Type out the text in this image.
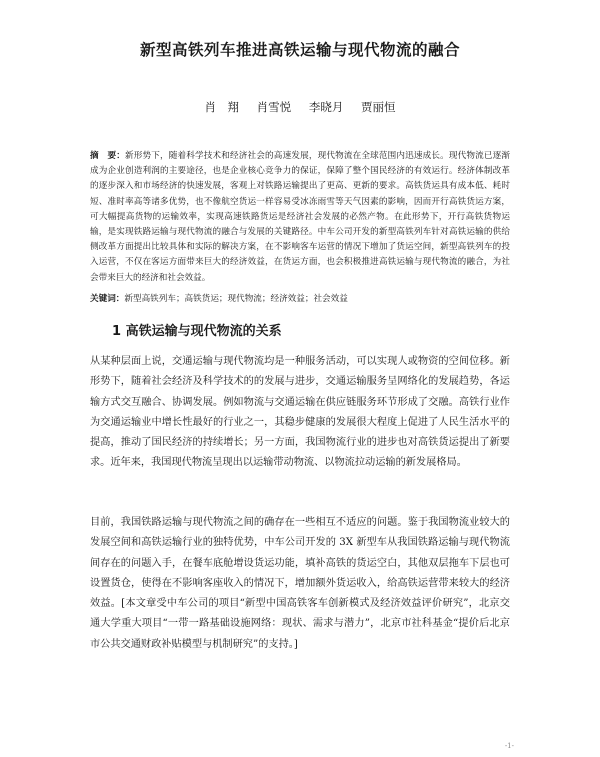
新型高铁列车推进高铁运输与现代物流的融合
肖　翔 肖雪悦 李晓月 贾丽恒
摘　要：新形势下，随着科学技术和经济社会的高速发展，现代物流在全球范围内迅速成长。现代物流已逐渐成为企业创造利润的主要途径，也是企业核心竞争力的保证，保障了整个国民经济的有效运行。经济体制改革的逐步深入和市场经济的快速发展，客观上对铁路运输提出了更高、更新的要求。高铁货运具有成本低、耗时短、准时率高等诸多优势，也不像航空货运一样容易受冰冻雨雪等天气因素的影响，因而开行高铁货运方案，可大幅提高货物的运输效率，实现高速铁路货运是经济社会发展的必然产物。在此形势下，开行高铁货物运输，是实现铁路运输与现代物流的融合与发展的关键路径。中车公司开发的新型高铁列车针对高铁运输的供给侧改革方面提出比较具体和实际的解决方案，在不影响客车运营的情况下增加了货运空间，新型高铁列车的投入运营，不仅在客运方面带来巨大的经济效益，在货运方面，也会积极推进高铁运输与现代物流的融合，为社会带来巨大的经济和社会效益。
关键词：新型高铁列车；高铁货运；现代物流；经济效益；社会效益
1 高铁运输与现代物流的关系
从某种层面上说，交通运输与现代物流均是一种服务活动，可以实现人或物资的空间位移。新形势下，随着社会经济及科学技术的的发展与进步，交通运输服务呈网络化的发展趋势，各运输方式交互融合、协调发展。例如物流与交通运输在供应链服务环节形成了交融。高铁行业作为交通运输业中增长性最好的行业之一，其稳步健康的发展很大程度上促进了人民生活水平的提高，推动了国民经济的持续增长；另一方面，我国物流行业的进步也对高铁货运提出了新要求。近年来，我国现代物流呈现出以运输带动物流、以物流拉动运输的新发展格局。
目前，我国铁路运输与现代物流之间的确存在一些相互不适应的问题。鉴于我国物流业较大的发展空间和高铁运输行业的独特优势，中车公司开发的 3X 新型车从我国铁路运输与现代物流间存在的问题入手，在餐车底舱增设货运功能，填补高铁的货运空白，其他双层拖车下层也可设置货仓，使得在不影响客座收入的情况下，增加额外货运收入，给高铁运营带来较大的经济效益。[本文章受中车公司的项目“新型中国高铁客车创新模式及经济效益评价研究”，北京交通大学重大项目“一带一路基础设施网络：现状、需求与潜力”，北京市社科基金“提价后北京市公共交通财政补贴模型与机制研究”的支持。]
-1-
